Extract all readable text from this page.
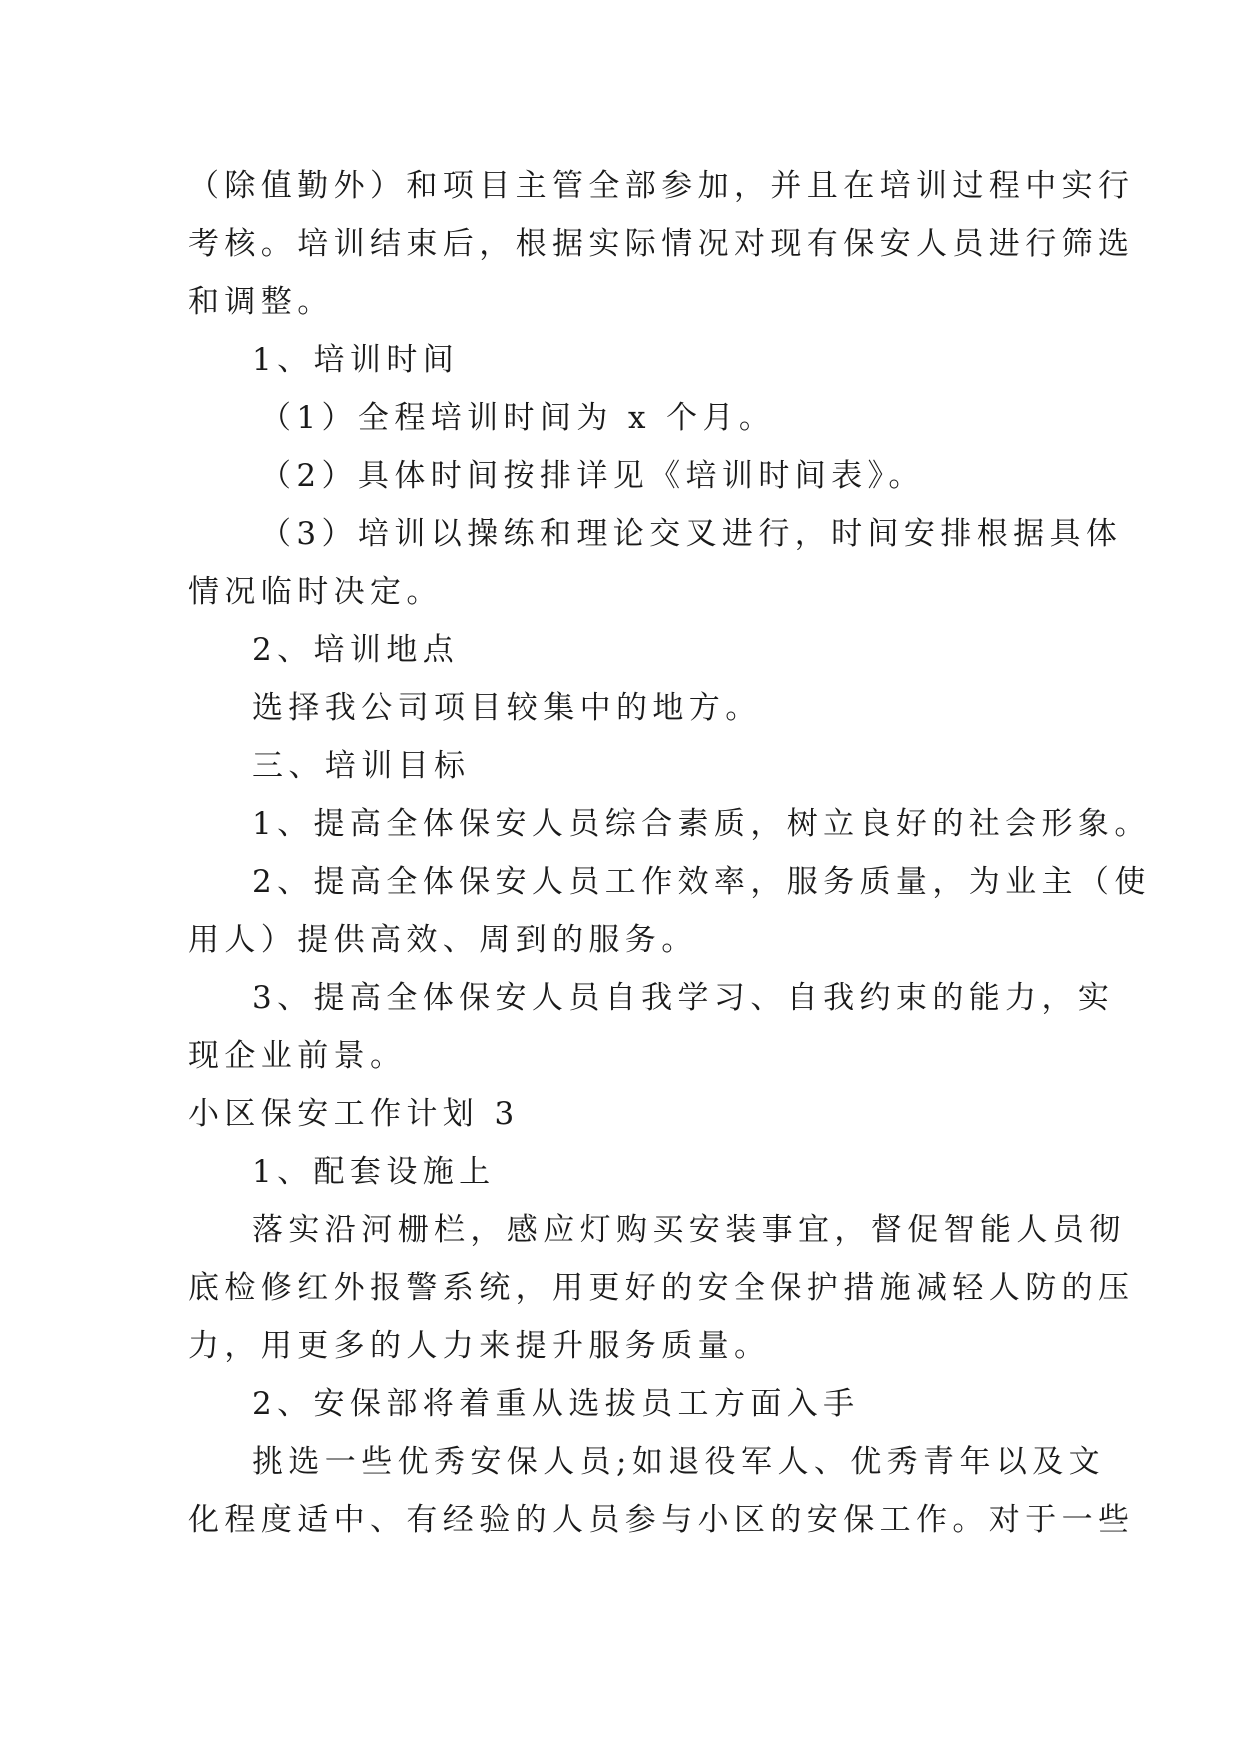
（除值勤外）和项目主管全部参加，并且在培训过程中实行
考核。培训结束后，根据实际情况对现有保安人员进行筛选
和调整。
1、培训时间
（1）全程培训时间为 x 个月。
（2）具体时间按排详见《培训时间表》。
（3）培训以操练和理论交叉进行，时间安排根据具体
情况临时决定。
2、培训地点
选择我公司项目较集中的地方。
三、培训目标
1、提高全体保安人员综合素质，树立良好的社会形象。
2、提高全体保安人员工作效率，服务质量，为业主（使
用人）提供高效、周到的服务。
3、提高全体保安人员自我学习、自我约束的能力，实
现企业前景。
小区保安工作计划 3
1、配套设施上
落实沿河栅栏，感应灯购买安装事宜，督促智能人员彻
底检修红外报警系统，用更好的安全保护措施减轻人防的压
力，用更多的人力来提升服务质量。
2、安保部将着重从选拔员工方面入手
挑选一些优秀安保人员;如退役军人、优秀青年以及文
化程度适中、有经验的人员参与小区的安保工作。对于一些
